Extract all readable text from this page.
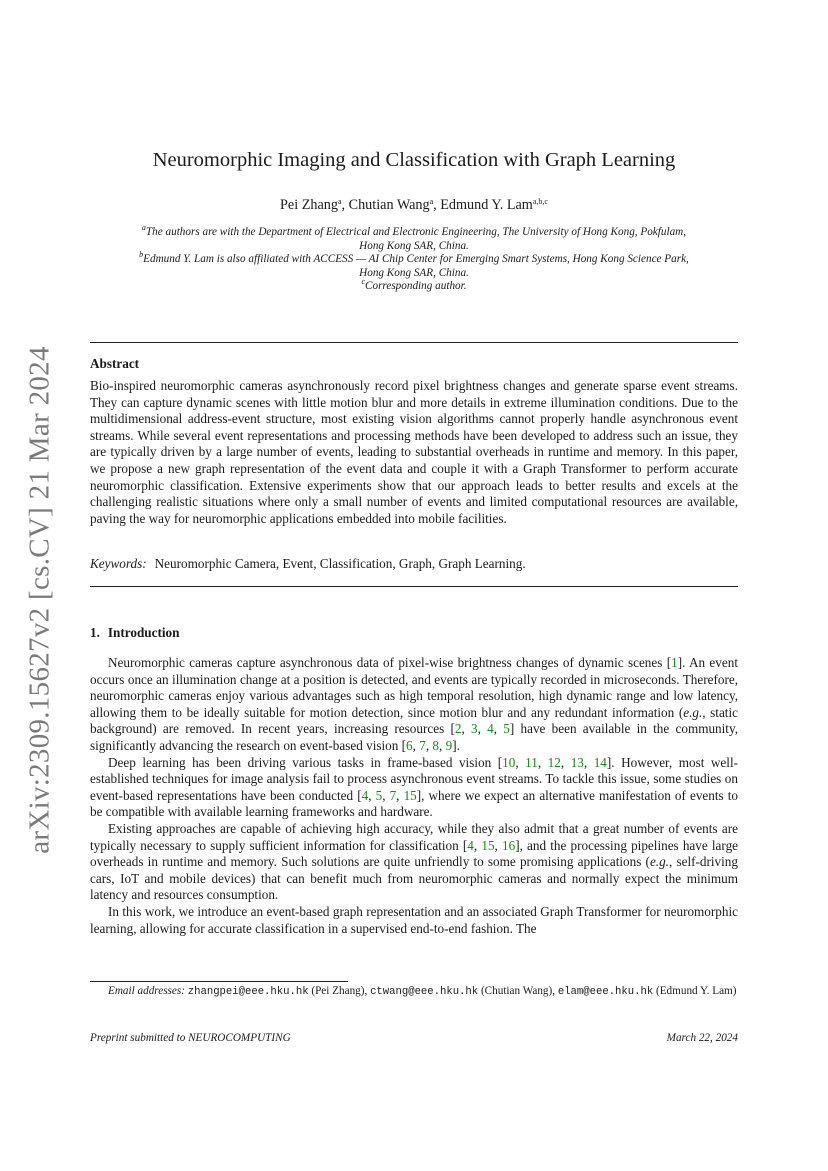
arXiv:2309.15627v2 [cs.CV] 21 Mar 2024
Neuromorphic Imaging and Classification with Graph Learning
Pei Zhang$^a$, Chutian Wang$^a$, Edmund Y. Lam$^{a,b,c}$
$^a$The authors are with the Department of Electrical and Electronic Engineering, The University of Hong Kong, Pokfulam,
Hong Kong SAR, China.
$^b$Edmund Y. Lam is also affiliated with ACCESS — AI Chip Center for Emerging Smart Systems, Hong Kong Science Park,
Hong Kong SAR, China.
$^c$Corresponding author.
Abstract
Bio-inspired neuromorphic cameras asynchronously record pixel brightness changes and generate sparse event streams. They can capture dynamic scenes with little motion blur and more details in extreme illumination conditions. Due to the multidimensional address-event structure, most existing vision algorithms cannot properly handle asynchronous event streams. While several event representations and processing methods have been developed to address such an issue, they are typically driven by a large number of events, leading to substantial overheads in runtime and memory. In this paper, we propose a new graph representation of the event data and couple it with a Graph Transformer to perform accurate neuromorphic classification. Extensive experiments show that our approach leads to better results and excels at the challenging realistic situations where only a small number of events and limited computational resources are available, paving the way for neuromorphic applications embedded into mobile facilities.
Keywords: Neuromorphic Camera, Event, Classification, Graph, Graph Learning.
1. Introduction

Neuromorphic cameras capture asynchronous data of pixel-wise brightness changes of dynamic scenes [1]. An event occurs once an illumination change at a position is detected, and events are typically recorded in microseconds. Therefore, neuromorphic cameras enjoy various advantages such as high temporal resolution, high dynamic range and low latency, allowing them to be ideally suitable for motion detection, since motion blur and any redundant information (e.g., static background) are removed. In recent years, increasing resources [2, 3, 4, 5] have been available in the community, significantly advancing the research on event-based vision [6, 7, 8, 9].

Deep learning has been driving various tasks in frame-based vision [10, 11, 12, 13, 14]. However, most well-established techniques for image analysis fail to process asynchronous event streams. To tackle this issue, some studies on event-based representations have been conducted [4, 5, 7, 15], where we expect an alternative manifestation of events to be compatible with available learning frameworks and hardware.

Existing approaches are capable of achieving high accuracy, while they also admit that a great number of events are typically necessary to supply sufficient information for classification [4, 15, 16], and the processing pipelines have large overheads in runtime and memory. Such solutions are quite unfriendly to some promising applications (e.g., self-driving cars, IoT and mobile devices) that can benefit much from neuromorphic cameras and normally expect the minimum latency and resources consumption.

In this work, we introduce an event-based graph representation and an associated Graph Transformer for neuromorphic learning, allowing for accurate classification in a supervised end-to-end fashion. The

Email addresses: zhangpei@eee.hku.hk (Pei Zhang), ctwang@eee.hku.hk (Chutian Wang), elam@eee.hku.hk (Edmund Y. Lam)
Preprint submitted to NEUROCOMPUTING	March 22, 2024
